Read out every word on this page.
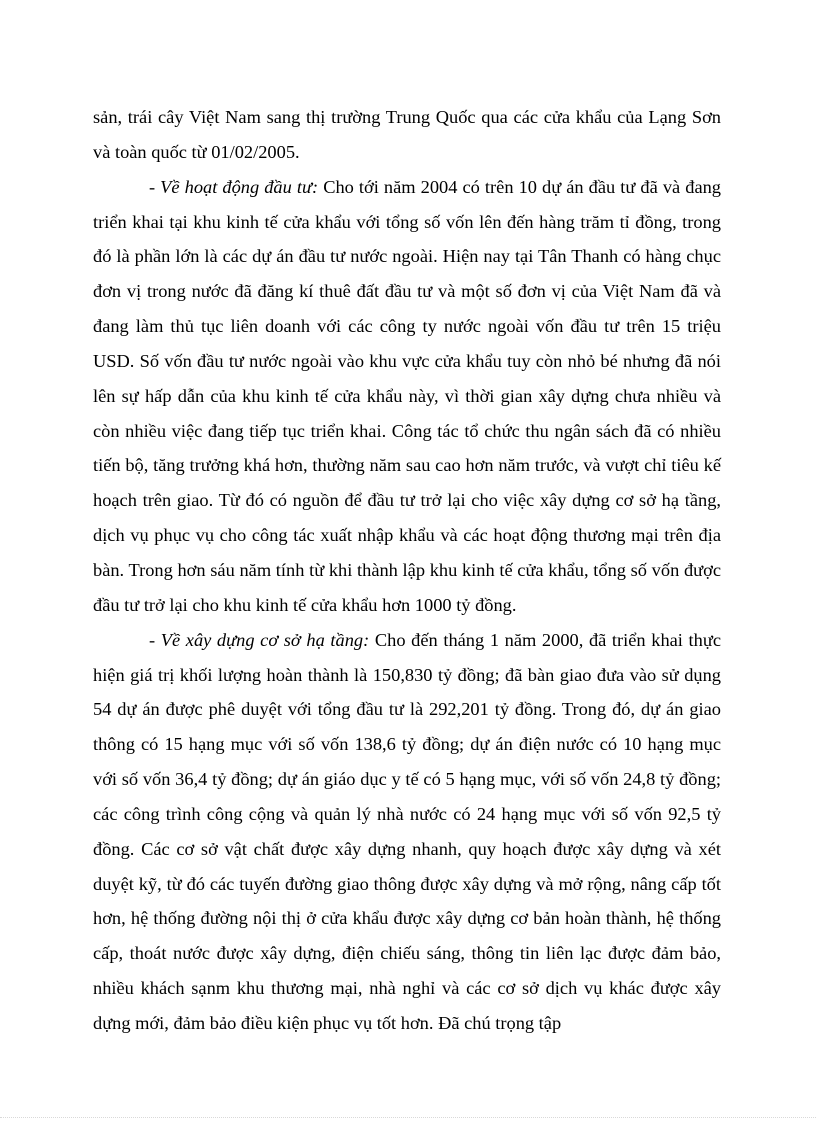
sản, trái cây Việt Nam sang thị trường Trung Quốc qua các cửa khẩu của Lạng Sơn và toàn quốc từ 01/02/2005.

- Về hoạt động đầu tư: Cho tới năm 2004 có trên 10 dự án đầu tư đã và đang triển khai tại khu kinh tế cửa khẩu với tổng số vốn lên đến hàng trăm tỉ đồng, trong đó là phần lớn là các dự án đầu tư nước ngoài. Hiện nay tại Tân Thanh có hàng chục đơn vị trong nước đã đăng kí thuê đất đầu tư và một số đơn vị của Việt Nam đã và đang làm thủ tục liên doanh với các công ty nước ngoài vốn đầu tư trên 15 triệu USD. Số vốn đầu tư nước ngoài vào khu vực cửa khẩu tuy còn nhỏ bé nhưng đã nói lên sự hấp dẫn của khu kinh tế cửa khẩu này, vì thời gian xây dựng chưa nhiều và còn nhiều việc đang tiếp tục triển khai. Công tác tổ chức thu ngân sách đã có nhiều tiến bộ, tăng trưởng khá hơn, thường năm sau cao hơn năm trước, và vượt chỉ tiêu kế hoạch trên giao. Từ đó có nguồn để đầu tư trở lại cho việc xây dựng cơ sở hạ tầng, dịch vụ phục vụ cho công tác xuất nhập khẩu và các hoạt động thương mại trên địa bàn. Trong hơn sáu năm tính từ khi thành lập khu kinh tế cửa khẩu, tổng số vốn được đầu tư trở lại cho khu kinh tế cửa khẩu hơn 1000 tỷ đồng.

- Về xây dựng cơ sở hạ tầng: Cho đến tháng 1 năm 2000, đã triển khai thực hiện giá trị khối lượng hoàn thành là 150,830 tỷ đồng; đã bàn giao đưa vào sử dụng 54 dự án được phê duyệt với tổng đầu tư là 292,201 tỷ đồng. Trong đó, dự án giao thông có 15 hạng mục với số vốn 138,6 tỷ đồng; dự án điện nước có 10 hạng mục với số vốn 36,4 tỷ đồng; dự án giáo dục y tế có 5 hạng mục, với số vốn 24,8 tỷ đồng; các công trình công cộng và quản lý nhà nước có 24 hạng mục với số vốn 92,5 tỷ đồng. Các cơ sở vật chất được xây dựng nhanh, quy hoạch được xây dựng và xét duyệt kỹ, từ đó các tuyến đường giao thông được xây dựng và mở rộng, nâng cấp tốt hơn, hệ thống đường nội thị ở cửa khẩu được xây dựng cơ bản hoàn thành, hệ thống cấp, thoát nước được xây dựng, điện chiếu sáng, thông tin liên lạc được đảm bảo, nhiều khách sạnm khu thương mại, nhà nghỉ và các cơ sở dịch vụ khác được xây dựng mới, đảm bảo điều kiện phục vụ tốt hơn. Đã chú trọng tập
